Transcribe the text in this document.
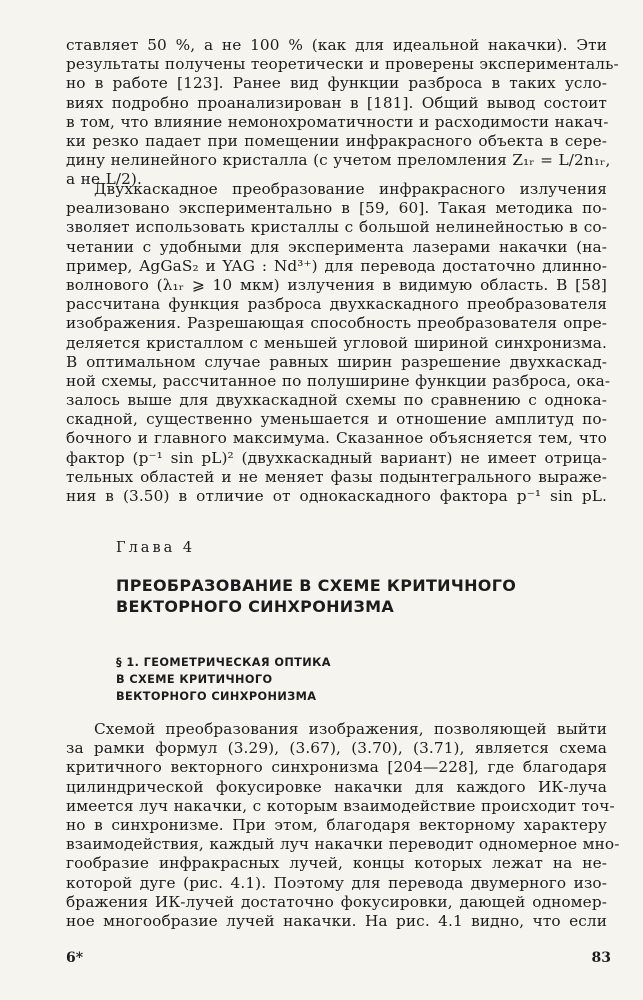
ставляет 50 %, а не 100 % (как для идеальной накачки). Эти
результаты получены теоретически и проверены эксперименталь-
но в работе [123]. Ранее вид функции разброса в таких усло-
виях подробно проанализирован в [181]. Общий вывод состоит
в том, что влияние немонохроматичности и расходимости накач-
ки резко падает при помещении инфракрасного объекта в сере-
дину нелинейного кристалла (с учетом преломления Z₁ᵣ = L/2n₁ᵣ,
а не L/2).
Двухкаскадное преобразование инфракрасного излучения
реализовано экспериментально в [59, 60]. Такая методика по-
зволяет использовать кристаллы с большой нелинейностью в со-
четании с удобными для эксперимента лазерами накачки (на-
пример, AgGaS₂ и YAG : Nd³⁺) для перевода достаточно длинно-
волнового (λ₁ᵣ ⩾ 10 мкм) излучения в видимую область. В [58]
рассчитана функция разброса двухкаскадного преобразователя
изображения. Разрешающая способность преобразователя опре-
деляется кристаллом с меньшей угловой шириной синхронизма.
В оптимальном случае равных ширин разрешение двухкаскад-
ной схемы, рассчитанное по полуширине функции разброса, ока-
залось выше для двухкаскадной схемы по сравнению с однока-
скадной, существенно уменьшается и отношение амплитуд по-
бочного и главного максимума. Сказанное объясняется тем, что
фактор (p⁻¹ sin pL)² (двухкаскадный вариант) не имеет отрица-
тельных областей и не меняет фазы подынтегрального выраже-
ния в (3.50) в отличие от однокаскадного фактора p⁻¹ sin pL.
Глава 4
ПРЕОБРАЗОВАНИЕ В СХЕМЕ КРИТИЧНОГО
ВЕКТОРНОГО СИНХРОНИЗМА
§ 1. ГЕОМЕТРИЧЕСКАЯ ОПТИКА
В СХЕМЕ КРИТИЧНОГО
ВЕКТОРНОГО СИНХРОНИЗМА
Схемой преобразования изображения, позволяющей выйти
за рамки формул (3.29), (3.67), (3.70), (3.71), является схема
критичного векторного синхронизма [204—228], где благодаря
цилиндрической фокусировке накачки для каждого ИК-луча
имеется луч накачки, с которым взаимодействие происходит точ-
но в синхронизме. При этом, благодаря векторному характеру
взаимодействия, каждый луч накачки переводит одномерное мно-
гообразие инфракрасных лучей, концы которых лежат на не-
которой дуге (рис. 4.1). Поэтому для перевода двумерного изо-
бражения ИК-лучей достаточно фокусировки, дающей одномер-
ное многообразие лучей накачки. На рис. 4.1 видно, что если
6*	83
